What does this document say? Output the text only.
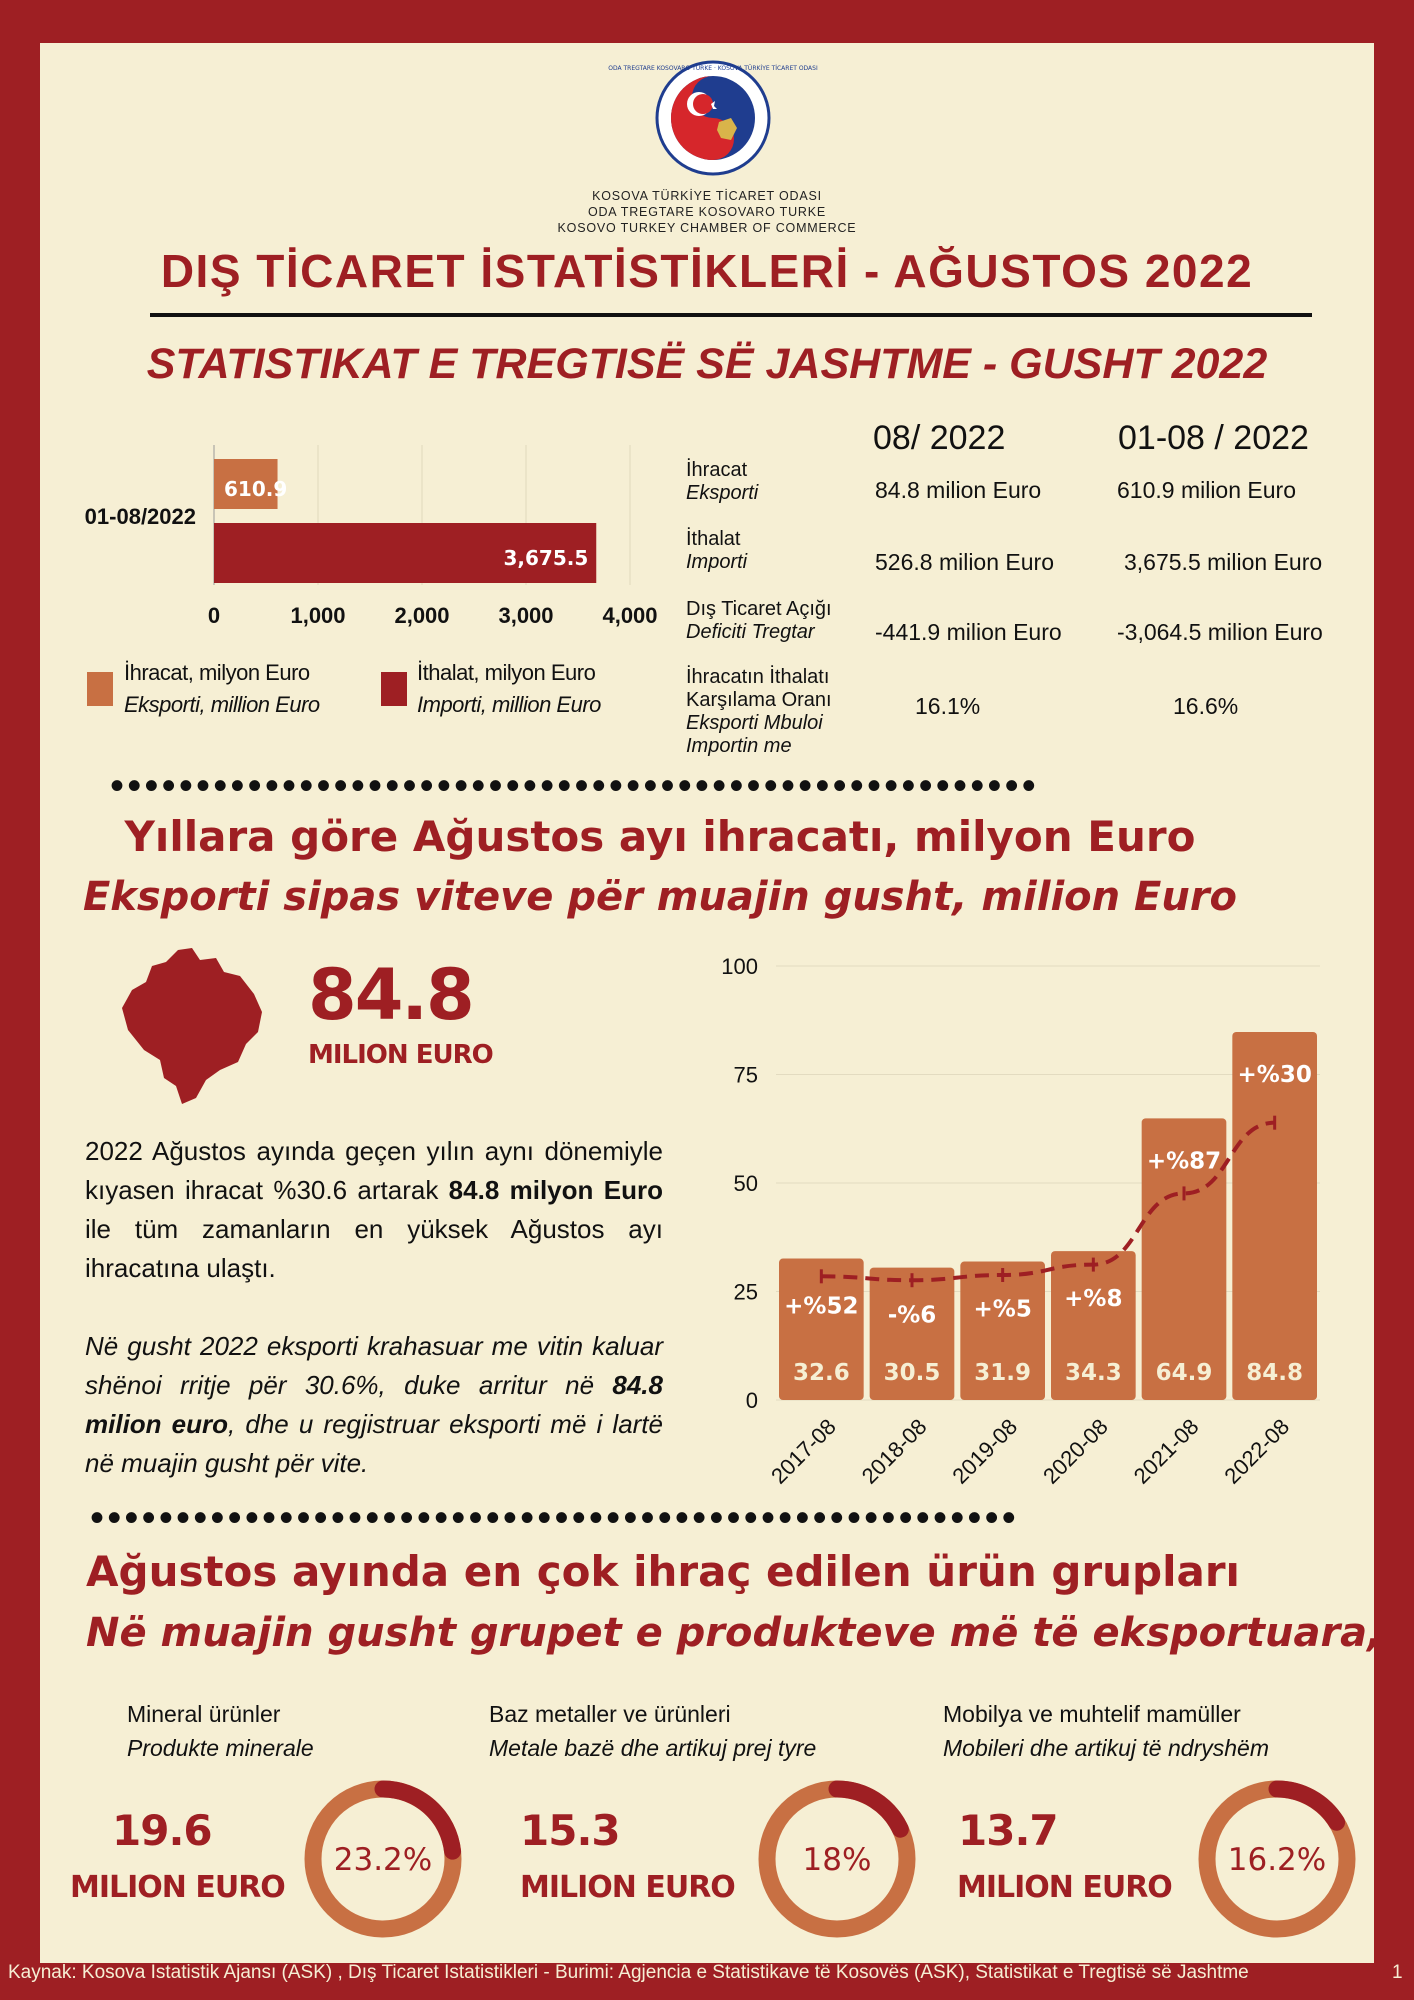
ODA TREGTARE KOSOVARO TURKE · KOSOVA TÜRKİYE TİCARET ODASI
KOSOVA TÜRKİYE TİCARET ODASI
ODA TREGTARE KOSOVARO TURKE
KOSOVO TURKEY CHAMBER OF COMMERCE
DIŞ TİCARET İSTATİSTİKLERİ - AĞUSTOS 2022
STATISTIKAT E TREGTISË SË JASHTME - GUSHT 2022
01-08/2022
610.9
3,675.5
0	1,000 2,000 3,000 4,000
İhracat, milyon Euro
Eksporti, million Euro
İthalat, milyon Euro
Importi, million Euro
08/ 2022	01-08 / 2022
İhracat
Eksporti	84.8 milion Euro	610.9 milion Euro
İthalat
Importi	526.8 milion Euro	3,675.5 milion Euro
Dış Ticaret Açığı
Deficiti Tregtar	-441.9 milion Euro -3,064.5 milion Euro
İhracatın İthalatı
Karşılama Oranı
Eksporti Mbuloi
Importin me
16.1%	16.6%
••••••••••••••••••••••••••••••••••••••••••••••••••••••
Yıllara göre Ağustos ayı ihracatı, milyon Euro
Eksporti sipas viteve për muajin gusht, milion Euro
84.8
MILION EURO
2022 Ağustos ayında geçen yılın aynı dönemiyle kıyasen ihracat %30.6 artarak 84.8 milyon Euro ile tüm zamanların en yüksek Ağustos ayı ihracatına ulaştı.
Në gusht 2022 eksporti krahasuar me vitin kaluar shënoi rritje për 30.6%, duke arritur në 84.8 milion euro, dhe u regjistruar eksporti më i lartë në muajin gusht për vite.
0
25
50
75
100
32.6
+%52
30.5
-%6
31.9
+%5
34.3
+%8
64.9
+%87
84.8
+%30
2017-08 2018-08 2019-08 2020-08 2021-08 2022-08
••••••••••••••••••••••••••••••••••••••••••••••••••••••
Ağustos ayında en çok ihraç edilen ürün grupları
Në muajin gusht grupet e produkteve më të eksportuara,
Mineral ürünler
Produkte minerale
19.6
MILION EURO
23.2%
Baz metaller ve ürünleri
Metale bazë dhe artikuj prej tyre
15.3
MILION EURO
18%
Mobilya ve muhtelif mamüller
Mobileri dhe artikuj të ndryshëm
13.7
MILION EURO
16.2%
Kaynak: Kosova İstatistik Ajansı (ASK) , Dış Ticaret İstatistikleri - Burimi: Agjencia e Statistikave të Kosovës (ASK), Statistikat e Tregtisë së Jashtme	1
